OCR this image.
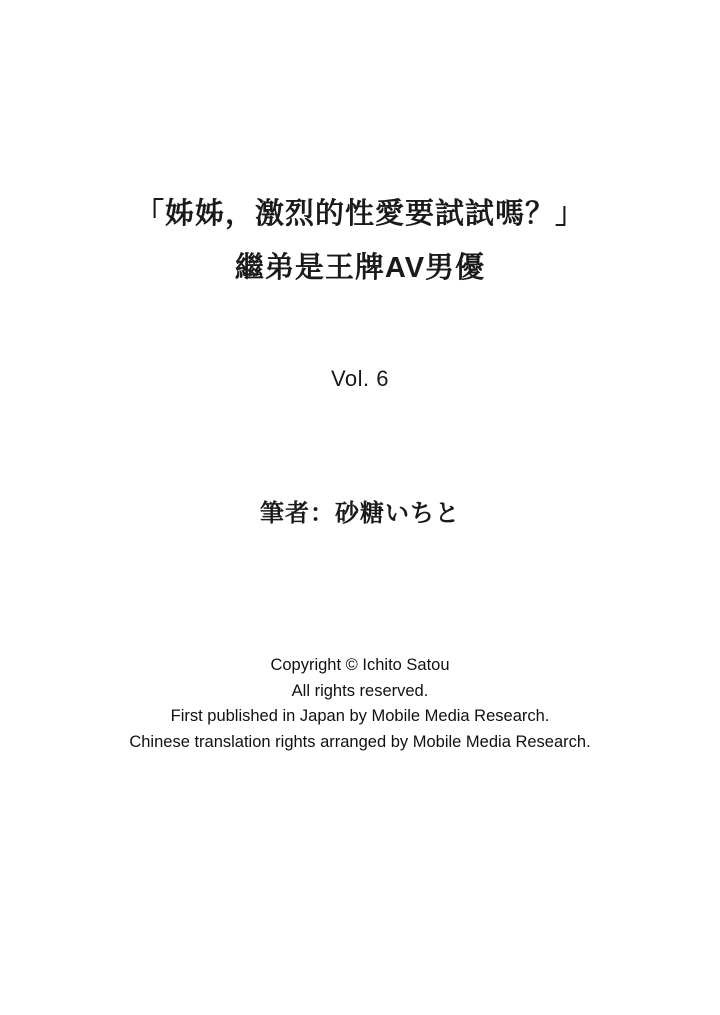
「姊姊，激烈的性愛要試試嗎？」
繼弟是王牌AV男優
Vol. 6
筆者：砂糖いちと
Copyright © Ichito Satou
All rights reserved.
First published in Japan by Mobile Media Research.
Chinese translation rights arranged by Mobile Media Research.
